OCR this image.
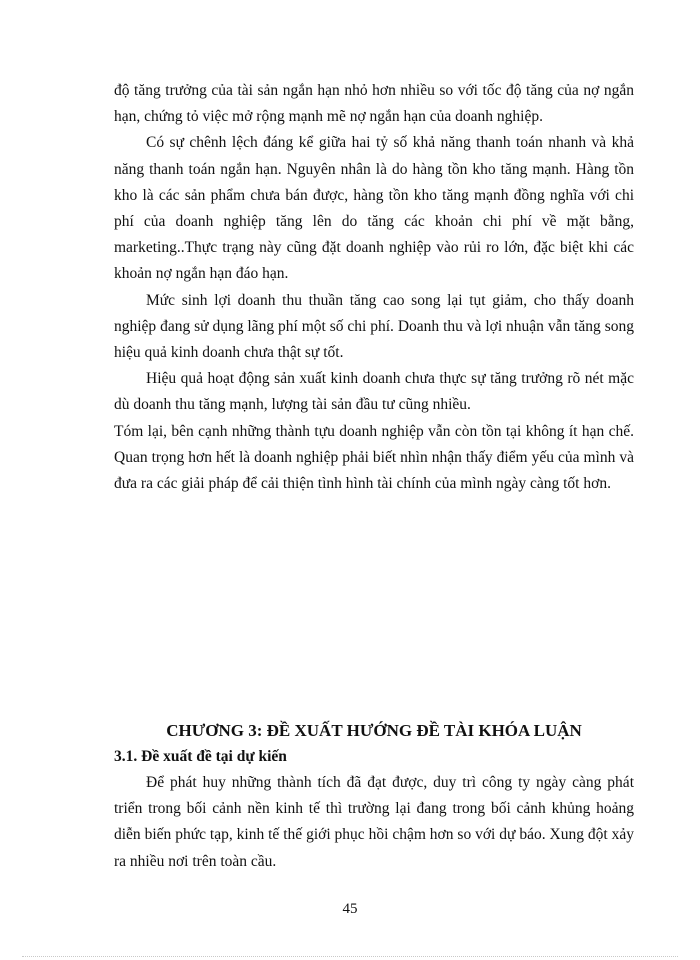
độ tăng trưởng của tài sản ngắn hạn nhỏ hơn nhiều so với tốc độ tăng của nợ ngắn hạn, chứng tỏ việc mở rộng mạnh mẽ nợ ngắn hạn của doanh nghiệp.

Có sự chênh lệch đáng kể giữa hai tỷ số khả năng thanh toán nhanh và khả năng thanh toán ngắn hạn. Nguyên nhân là do hàng tồn kho tăng mạnh. Hàng tồn kho là các sản phẩm chưa bán được, hàng tồn kho tăng mạnh đồng nghĩa với chi phí của doanh nghiệp tăng lên do tăng các khoản chi phí về mặt bằng, marketing..Thực trạng này cũng đặt doanh nghiệp vào rủi ro lớn, đặc biệt khi các khoản nợ ngắn hạn đáo hạn.

Mức sinh lợi doanh thu thuần tăng cao song lại tụt giảm, cho thấy doanh nghiệp đang sử dụng lãng phí một số chi phí. Doanh thu và lợi nhuận vẫn tăng song hiệu quả kinh doanh chưa thật sự tốt.

Hiệu quả hoạt động sản xuất kinh doanh chưa thực sự tăng trưởng rõ nét mặc dù doanh thu tăng mạnh, lượng tài sản đầu tư cũng nhiều.

Tóm lại, bên cạnh những thành tựu doanh nghiệp vẫn còn tồn tại không ít hạn chế. Quan trọng hơn hết là doanh nghiệp phải biết nhìn nhận thấy điểm yếu của mình và đưa ra các giải pháp để cải thiện tình hình tài chính của mình ngày càng tốt hơn.

CHƯƠNG 3: ĐỀ XUẤT HƯỚNG ĐỀ TÀI KHÓA LUẬN
3.1. Đề xuất đề tại dự kiến

Để phát huy những thành tích đã đạt được, duy trì công ty ngày càng phát triển trong bối cảnh nền kinh tế thì trường lại đang trong bối cảnh khủng hoảng diễn biến phức tạp, kinh tế thế giới phục hồi chậm hơn so với dự báo. Xung đột xảy ra nhiều nơi trên toàn cầu.

45
